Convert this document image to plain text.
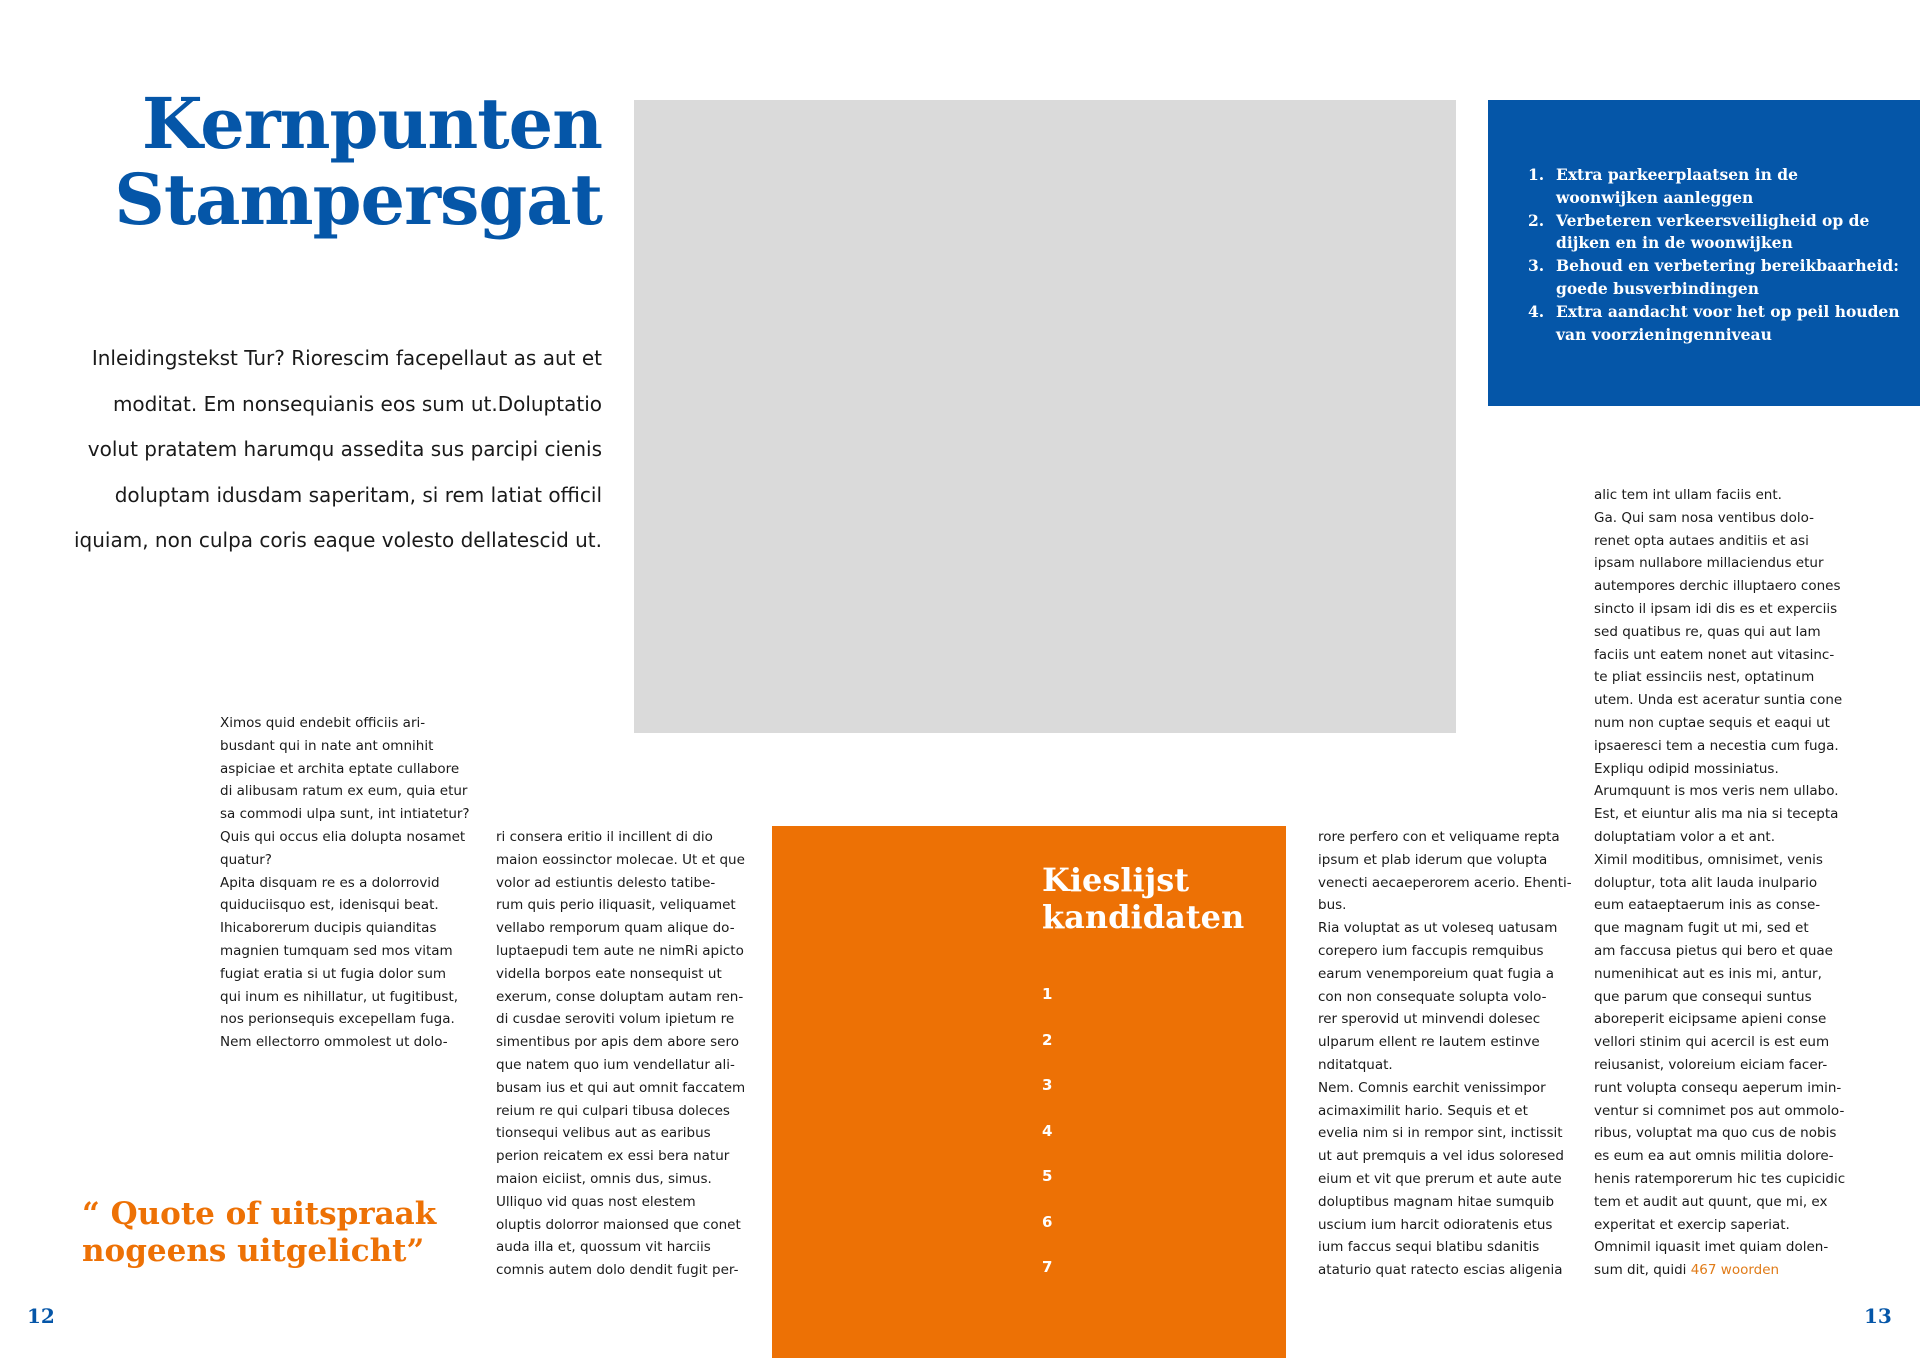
Kernpunten
Stampersgat
Inleidingstekst Tur? Riorescim facepellaut as aut et moditat. Em nonsequianis eos sum ut.Doluptatio volut pratatem harumqu assedita sus parcipi cienis doluptam idusdam saperitam, si rem latiat officil iquiam, non culpa coris eaque volesto dellatescid ut.
1. Extra parkeerplaatsen in de woonwijken aanleggen
2. Verbeteren verkeersveiligheid op de dijken en in de woonwijken
3. Behoud en verbetering bereikbaarheid: goede busverbindingen
4. Extra aandacht voor het op peil houden van voorzieningenniveau
Ximos quid endebit officiis ari-
busdant qui in nate ant omnihit
aspiciae et archita eptate cullabore
di alibusam ratum ex eum, quia etur
sa commodi ulpa sunt, int intiatetur?
Quis qui occus elia dolupta nosamet
quatur?
Apita disquam re es a dolorrovid
quiduciisquo est, idenisqui beat.
Ihicaborerum ducipis quianditas
magnien tumquam sed mos vitam
fugiat eratia si ut fugia dolor sum
qui inum es nihillatur, ut fugitibust,
nos perionsequis excepellam fuga.
Nem ellectorro ommolest ut dolo-
ri consera eritio il incillent di dio
maion eossinctor molecae. Ut et que
volor ad estiuntis delesto tatibe-
rum quis perio iliquasit, veliquamet
vellabo remporum quam alique do-
luptaepudi tem aute ne nimRi apicto
vidella borpos eate nonsequist ut
exerum, conse doluptam autam ren-
di cusdae seroviti volum ipietum re
simentibus por apis dem abore sero
que natem quo ium vendellatur ali-
busam ius et qui aut omnit faccatem
reium re qui culpari tibusa doleces
tionsequi velibus aut as earibus
perion reicatem ex essi bera natur
maion eiciist, omnis dus, simus.
Ulliquo vid quas nost elestem
oluptis dolorror maionsed que conet
auda illa et, quossum vit harciis
comnis autem dolo dendit fugit per-
rore perfero con et veliquame repta
ipsum et plab iderum que volupta
venecti aecaeperorem acerio. Ehenti-
bus.
Ria voluptat as ut voleseq uatusam
corepero ium faccupis remquibus
earum venemporeium quat fugia a
con non consequate solupta volo-
rer sperovid ut minvendi dolesec
ulparum ellent re lautem estinve
nditatquat.
Nem. Comnis earchit venissimpor
acimaximilit hario. Sequis et et
evelia nim si in rempor sint, inctissit
ut aut premquis a vel idus soloresed
eium et vit que prerum et aute aute
doluptibus magnam hitae sumquib
uscium ium harcit odioratenis etus
ium faccus sequi blatibu sdanitis
ataturio quat ratecto escias aligenia
alic tem int ullam faciis ent.
Ga. Qui sam nosa ventibus dolo-
renet opta autaes anditiis et asi
ipsam nullabore millaciendus etur
autempores derchic illuptaero cones
sincto il ipsam idi dis es et experciis
sed quatibus re, quas qui aut lam
faciis unt eatem nonet aut vitasinc-
te pliat essinciis nest, optatinum
utem. Unda est aceratur suntia cone
num non cuptae sequis et eaqui ut
ipsaeresci tem a necestia cum fuga.
Expliqu odipid mossiniatus.
Arumquunt is mos veris nem ullabo.
Est, et eiuntur alis ma nia si tecepta
doluptatiam volor a et ant.
Ximil moditibus, omnisimet, venis
doluptur, tota alit lauda inulpario
eum eataeptaerum inis as conse-
que magnam fugit ut mi, sed et
am faccusa pietus qui bero et quae
numenihicat aut es inis mi, antur,
que parum que consequi suntus
aboreperit eicipsame apieni conse
vellori stinim qui acercil is est eum
reiusanist, voloreium eiciam facer-
runt volupta consequ aeperum imin-
ventur si comnimet pos aut ommolo-
ribus, voluptat ma quo cus de nobis
es eum ea aut omnis militia dolore-
henis ratemporerum hic tes cupicidic
tem et audit aut quunt, que mi, ex
experitat et exercip saperiat.
Omnimil iquasit imet quiam dolen-
sum dit, quidi 467 woorden
Kieslijst
kandidaten
1
2
3
4
5
6
7
“ Quote of uitspraak
nogeens uitgelicht”
12	13
